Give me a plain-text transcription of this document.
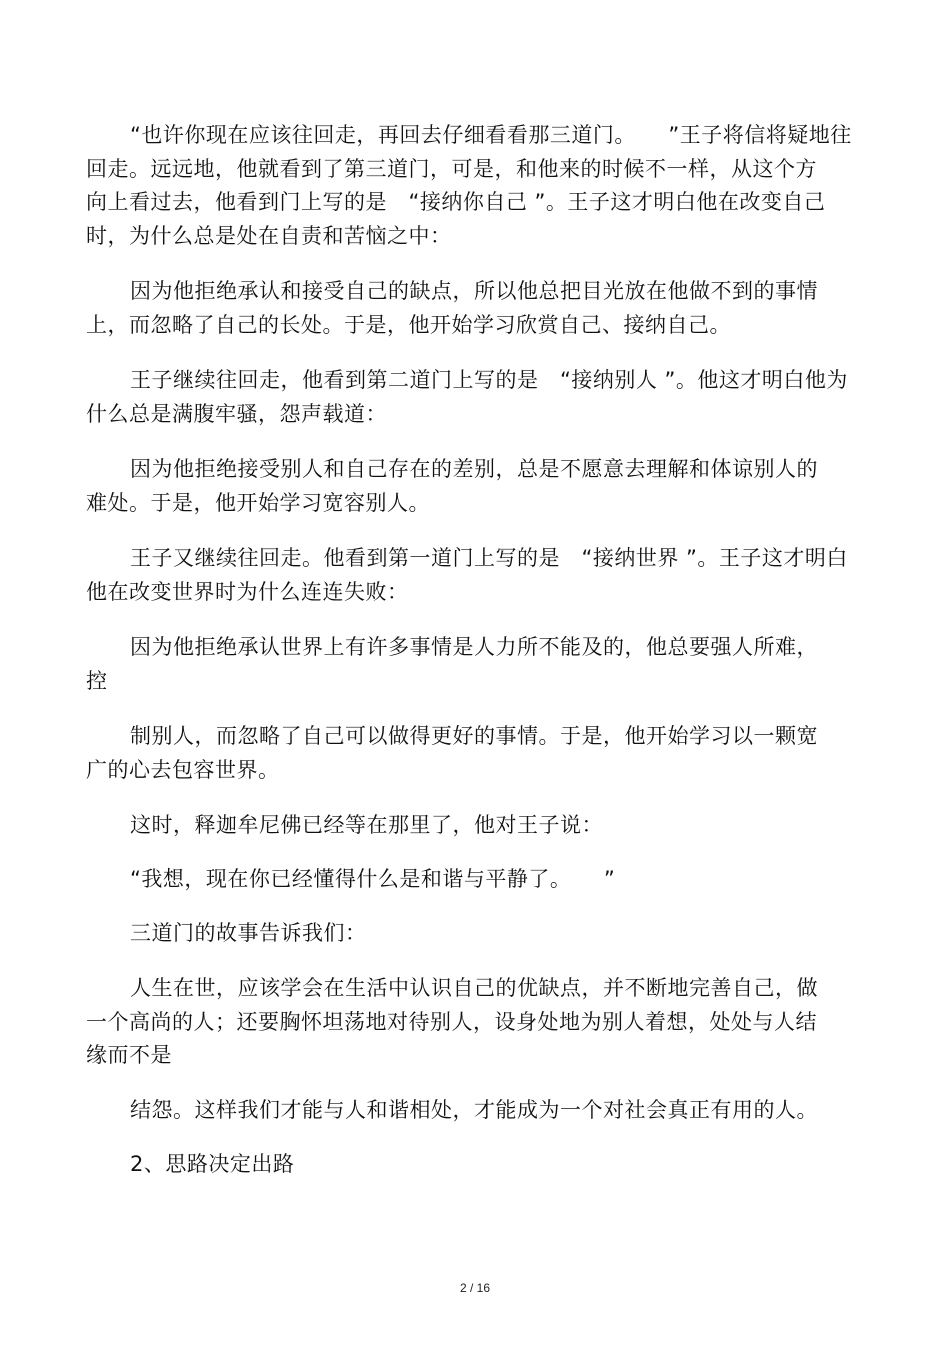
“也许你现在应该往回走，再回去仔细看看那三道门。　　”王子将信将疑地往
回走。远远地，他就看到了第三道门，可是，和他来的时候不一样，从这个方
向上看过去，他看到门上写的是　“接纳你自己 ”。王子这才明白他在改变自己
时，为什么总是处在自责和苦恼之中：
因为他拒绝承认和接受自己的缺点，所以他总把目光放在他做不到的事情
上，而忽略了自己的长处。于是，他开始学习欣赏自己、接纳自己。
王子继续往回走，他看到第二道门上写的是　“接纳别人 ”。他这才明白他为
什么总是满腹牢骚，怨声载道：
因为他拒绝接受别人和自己存在的差别，总是不愿意去理解和体谅别人的
难处。于是，他开始学习宽容别人。
王子又继续往回走。他看到第一道门上写的是　“接纳世界 ”。王子这才明白
他在改变世界时为什么连连失败：
因为他拒绝承认世界上有许多事情是人力所不能及的，他总要强人所难，
控
制别人，而忽略了自己可以做得更好的事情。于是，他开始学习以一颗宽
广的心去包容世界。
这时，释迦牟尼佛已经等在那里了，他对王子说：
“我想，现在你已经懂得什么是和谐与平静了。　　”
三道门的故事告诉我们：
人生在世，应该学会在生活中认识自己的优缺点，并不断地完善自己，做
一个高尚的人；还要胸怀坦荡地对待别人，设身处地为别人着想，处处与人结
缘而不是
结怨。这样我们才能与人和谐相处，才能成为一个对社会真正有用的人。
2、思路决定出路
2 / 16
